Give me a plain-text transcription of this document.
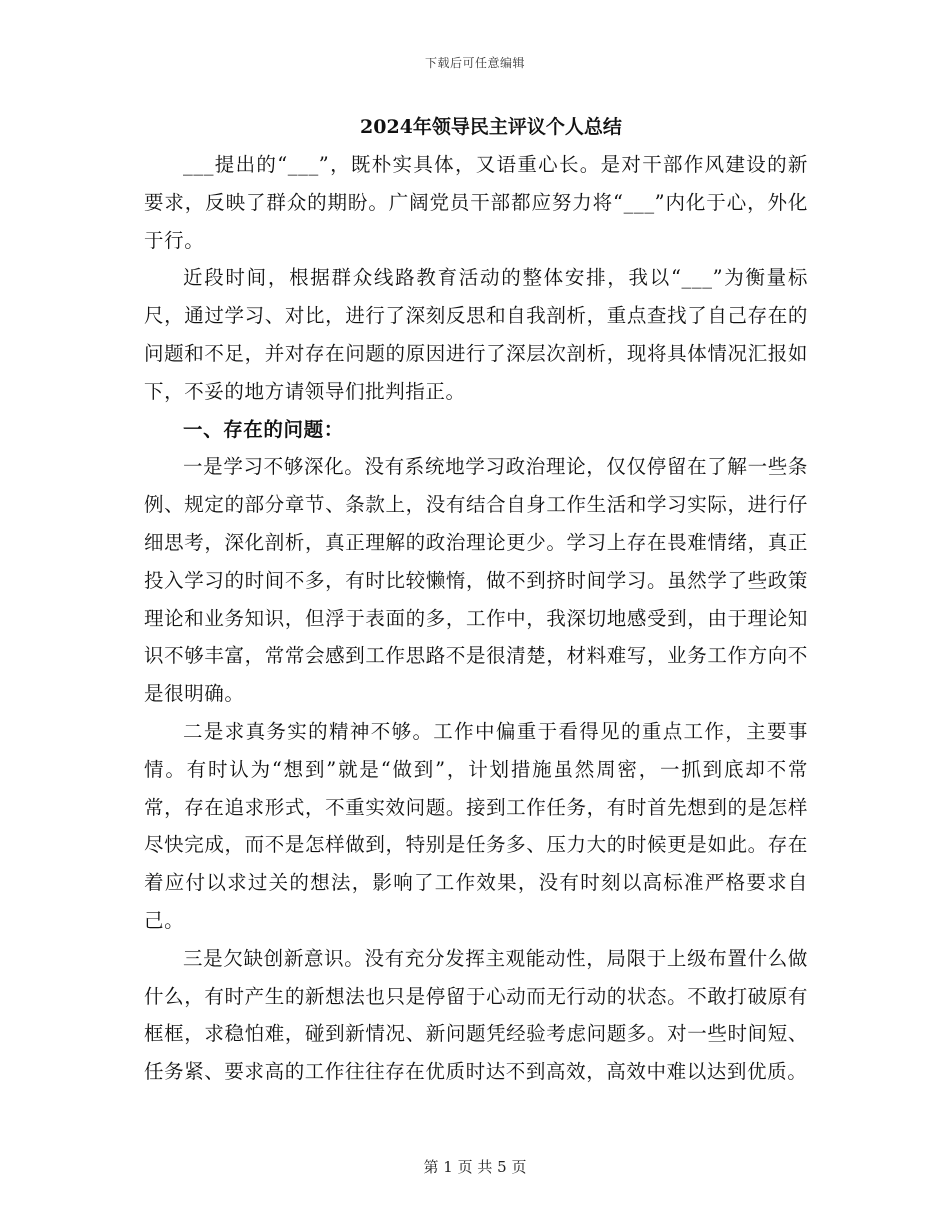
下载后可任意编辑
2024年领导民主评议个人总结

___提出的“___”，既朴实具体，又语重心长。是对干部作风建设的新要求，反映了群众的期盼。广阔党员干部都应努力将“___”内化于心，外化于行。

近段时间，根据群众线路教育活动的整体安排，我以“___”为衡量标尺，通过学习、对比，进行了深刻反思和自我剖析，重点查找了自己存在的问题和不足，并对存在问题的原因进行了深层次剖析，现将具体情况汇报如下，不妥的地方请领导们批判指正。

一、存在的问题：

一是学习不够深化。没有系统地学习政治理论，仅仅停留在了解一些条例、规定的部分章节、条款上，没有结合自身工作生活和学习实际，进行仔细思考，深化剖析，真正理解的政治理论更少。学习上存在畏难情绪，真正投入学习的时间不多，有时比较懒惰，做不到挤时间学习。虽然学了些政策理论和业务知识，但浮于表面的多，工作中，我深切地感受到，由于理论知识不够丰富，常常会感到工作思路不是很清楚，材料难写，业务工作方向不是很明确。

二是求真务实的精神不够。工作中偏重于看得见的重点工作，主要事情。有时认为“想到”就是“做到”，计划措施虽然周密，一抓到底却不常常，存在追求形式，不重实效问题。接到工作任务，有时首先想到的是怎样尽快完成，而不是怎样做到，特别是任务多、压力大的时候更是如此。存在着应付以求过关的想法，影响了工作效果，没有时刻以高标准严格要求自己。

三是欠缺创新意识。没有充分发挥主观能动性，局限于上级布置什么做什么，有时产生的新想法也只是停留于心动而无行动的状态。不敢打破原有框框，求稳怕难，碰到新情况、新问题凭经验考虑问题多。对一些时间短、任务紧、要求高的工作往往存在优质时达不到高效，高效中难以达到优质。

第 1 页 共 5 页
